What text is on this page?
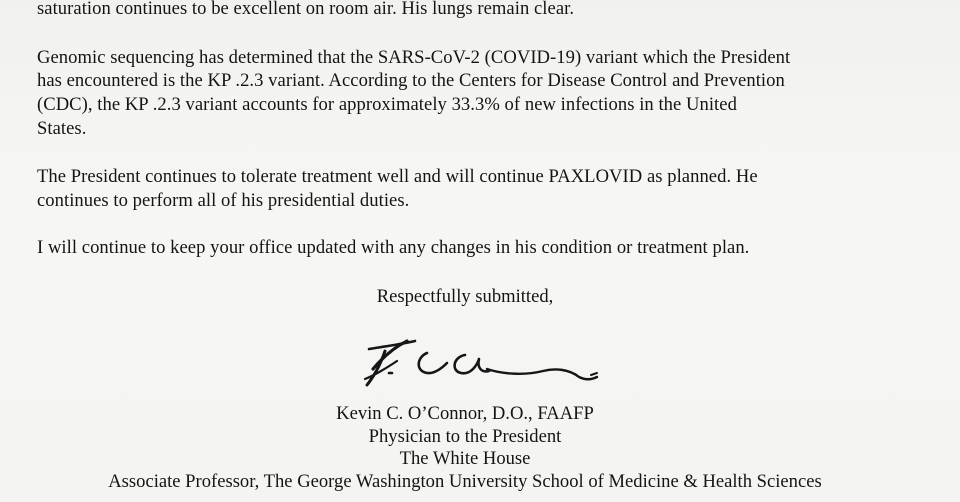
saturation continues to be excellent on room air. His lungs remain clear.
Genomic sequencing has determined that the SARS-CoV-2 (COVID-19) variant which the President
has encountered is the KP .2.3 variant. According to the Centers for Disease Control and Prevention
(CDC), the KP .2.3 variant accounts for approximately 33.3% of new infections in the United
States.
The President continues to tolerate treatment well and will continue PAXLOVID as planned. He
continues to perform all of his presidential duties.
I will continue to keep your office updated with any changes in his condition or treatment plan.
Respectfully submitted,
Kevin C. O’Connor, D.O., FAAFP
Physician to the President
The White House
Associate Professor, The George Washington University School of Medicine & Health Sciences
